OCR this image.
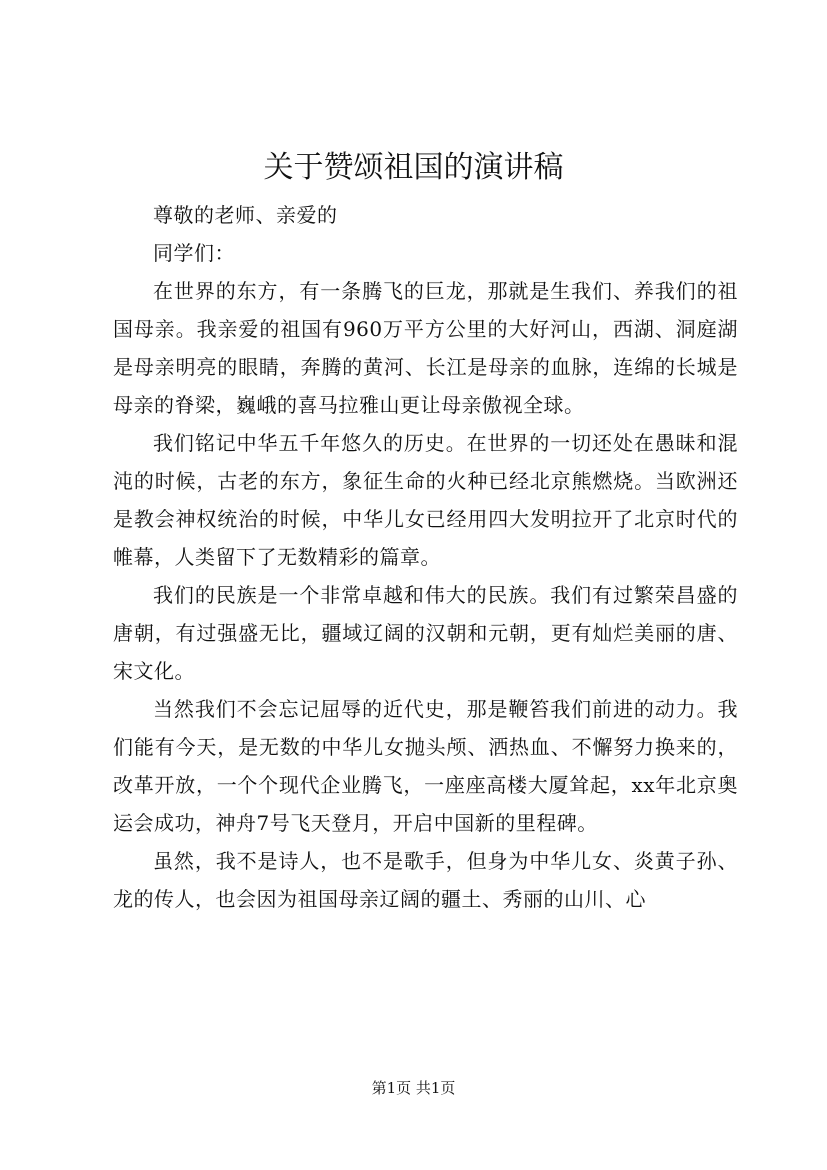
关于赞颂祖国的演讲稿

尊敬的老师、亲爱的

同学们：

在世界的东方，有一条腾飞的巨龙，那就是生我们、养我们的祖国母亲。我亲爱的祖国有960万平方公里的大好河山，西湖、洞庭湖是母亲明亮的眼睛，奔腾的黄河、长江是母亲的血脉，连绵的长城是母亲的脊梁，巍峨的喜马拉雅山更让母亲傲视全球。

我们铭记中华五千年悠久的历史。在世界的一切还处在愚昧和混沌的时候，古老的东方，象征生命的火种已经北京熊燃烧。当欧洲还是教会神权统治的时候，中华儿女已经用四大发明拉开了北京时代的帷幕，人类留下了无数精彩的篇章。

我们的民族是一个非常卓越和伟大的民族。我们有过繁荣昌盛的唐朝，有过强盛无比，疆域辽阔的汉朝和元朝，更有灿烂美丽的唐、宋文化。

当然我们不会忘记屈辱的近代史，那是鞭笞我们前进的动力。我们能有今天，是无数的中华儿女抛头颅、洒热血、不懈努力换来的，改革开放，一个个现代企业腾飞，一座座高楼大厦耸起，xx年北京奥运会成功，神舟7号飞天登月，开启中国新的里程碑。

虽然，我不是诗人，也不是歌手，但身为中华儿女、炎黄子孙、龙的传人，也会因为祖国母亲辽阔的疆土、秀丽的山川、心

第1页 共1页
